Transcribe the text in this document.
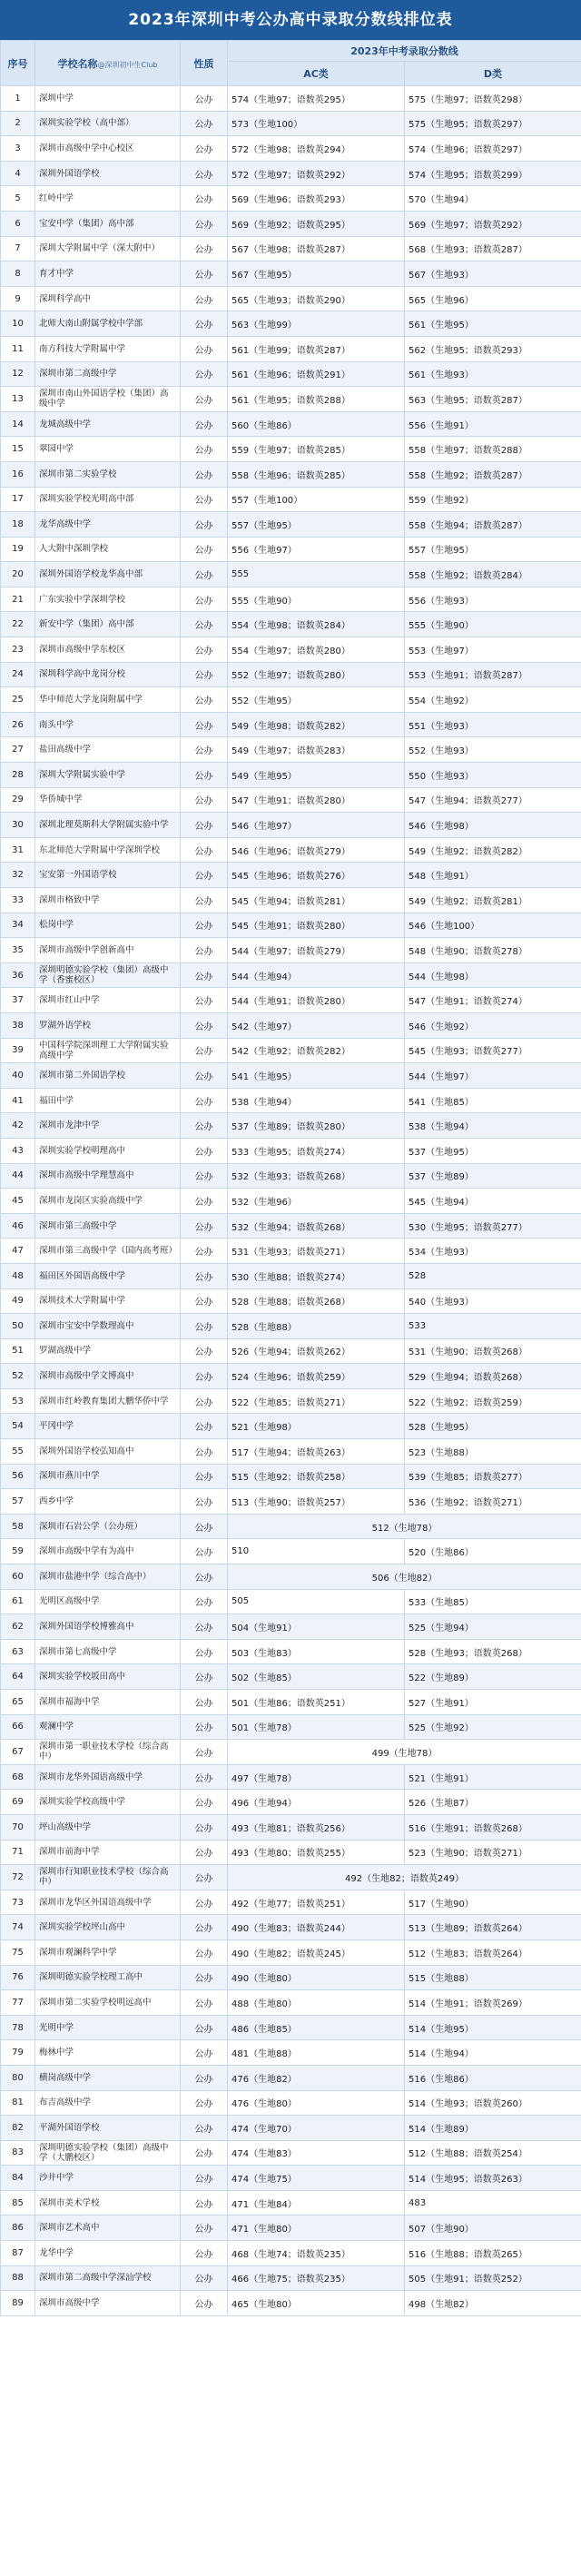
2023年深圳中考公办高中录取分数线排位表
序号	学校名称@深圳初中生Club	性质	2023年中考录取分数线	
			AC类	D类
1	深圳中学	公办	574（生地97；语数英295）	575（生地97；语数英298）
2	深圳实验学校（高中部）	公办	573（生地100）	575（生地95；语数英297）
3	深圳市高级中学中心校区	公办	572（生地98；语数英294）	574（生地96；语数英297）
4	深圳外国语学校	公办	572（生地97；语数英292）	574（生地95；语数英299）
5	红岭中学	公办	569（生地96；语数英293）	570（生地94）
6	宝安中学（集团）高中部	公办	569（生地92；语数英295）	569（生地97；语数英292）
7	深圳大学附属中学（深大附中）	公办	567（生地98；语数英287）	568（生地93；语数英287）
8	育才中学	公办	567（生地95）	567（生地93）
9	深圳科学高中	公办	565（生地93；语数英290）	565（生地96）
10	北师大南山附属学校中学部	公办	563（生地99）	561（生地95）
11	南方科技大学附属中学	公办	561（生地99；语数英287）	562（生地95；语数英293）
12	深圳市第二高级中学	公办	561（生地96；语数英291）	561（生地93）
13	深圳市南山外国语学校（集团）高级中学	公办	561（生地95；语数英288）	563（生地95；语数英287）
14	龙城高级中学	公办	560（生地86）	556（生地91）
15	翠园中学	公办	559（生地97；语数英285）	558（生地97；语数英288）
16	深圳市第二实验学校	公办	558（生地96；语数英285）	558（生地92；语数英287）
17	深圳实验学校光明高中部	公办	557（生地100）	559（生地92）
18	龙华高级中学	公办	557（生地95）	558（生地94；语数英287）
19	人大附中深圳学校	公办	556（生地97）	557（生地95）
20	深圳外国语学校龙华高中部	公办	555	558（生地92；语数英284）
21	广东实验中学深圳学校	公办	555（生地90）	556（生地93）
22	新安中学（集团）高中部	公办	554（生地98；语数英284）	555（生地90）
23	深圳市高级中学东校区	公办	554（生地97；语数英280）	553（生地97）
24	深圳科学高中龙岗分校	公办	552（生地97；语数英280）	553（生地91；语数英287）
25	华中师范大学龙岗附属中学	公办	552（生地95）	554（生地92）
26	南头中学	公办	549（生地98；语数英282）	551（生地93）
27	盐田高级中学	公办	549（生地97；语数英283）	552（生地93）
28	深圳大学附属实验中学	公办	549（生地95）	550（生地93）
29	华侨城中学	公办	547（生地91；语数英280）	547（生地94；语数英277）
30	深圳北理莫斯科大学附属实验中学	公办	546（生地97）	546（生地98）
31	东北师范大学附属中学深圳学校	公办	546（生地96；语数英279）	549（生地92；语数英282）
32	宝安第一外国语学校	公办	545（生地96；语数英276）	548（生地91）
33	深圳市格致中学	公办	545（生地94；语数英281）	549（生地92；语数英281）
34	松岗中学	公办	545（生地91；语数英280）	546（生地100）
35	深圳市高级中学创新高中	公办	544（生地97；语数英279）	548（生地90；语数英278）
36	深圳明德实验学校（集团）高级中学（香蜜校区）	公办	544（生地94）	544（生地98）
37	深圳市红山中学	公办	544（生地91；语数英280）	547（生地91；语数英274）
38	罗湖外语学校	公办	542（生地97）	546（生地92）
39	中国科学院深圳理工大学附属实验高级中学	公办	542（生地92；语数英282）	545（生地93；语数英277）
40	深圳市第二外国语学校	公办	541（生地95）	544（生地97）
41	福田中学	公办	538（生地94）	541（生地85）
42	深圳市龙津中学	公办	537（生地89；语数英280）	538（生地94）
43	深圳实验学校明理高中	公办	533（生地95；语数英274）	537（生地95）
44	深圳市高级中学理慧高中	公办	532（生地93；语数英268）	537（生地89）
45	深圳市龙岗区实验高级中学	公办	532（生地96）	545（生地94）
46	深圳市第三高级中学	公办	532（生地94；语数英268）	530（生地95；语数英277）
47	深圳市第三高级中学（国内高考班）	公办	531（生地93；语数英271）	534（生地93）
48	福田区外国语高级中学	公办	530（生地88；语数英274）	528
49	深圳技术大学附属中学	公办	528（生地88；语数英268）	540（生地93）
50	深圳市宝安中学数理高中	公办	528（生地88）	533
51	罗湖高级中学	公办	526（生地94；语数英262）	531（生地90；语数英268）
52	深圳市高级中学文博高中	公办	524（生地96；语数英259）	529（生地94；语数英268）
53	深圳市红岭教育集团大鹏华侨中学	公办	522（生地85；语数英271）	522（生地92；语数英259）
54	平冈中学	公办	521（生地98）	528（生地95）
55	深圳外国语学校弘知高中	公办	517（生地94；语数英263）	523（生地88）
56	深圳市燕川中学	公办	515（生地92；语数英258）	539（生地85；语数英277）
57	西乡中学	公办	513（生地90；语数英257）	536（生地92；语数英271）
58	深圳市石岩公学（公办班）	公办	512（生地78）	
59	深圳市高级中学有为高中	公办	510	520（生地86）
60	深圳市盐港中学（综合高中）	公办	506（生地82）	
61	光明区高级中学	公办	505	533（生地85）
62	深圳外国语学校博雅高中	公办	504（生地91）	525（生地94）
63	深圳市第七高级中学	公办	503（生地83）	528（生地93；语数英268）
64	深圳实验学校坂田高中	公办	502（生地85）	522（生地89）
65	深圳市福海中学	公办	501（生地86；语数英251）	527（生地91）
66	观澜中学	公办	501（生地78）	525（生地92）
67	深圳市第一职业技术学校（综合高中）	公办	499（生地78）	
68	深圳市龙华外国语高级中学	公办	497（生地78）	521（生地91）
69	深圳实验学校高级中学	公办	496（生地94）	526（生地87）
70	坪山高级中学	公办	493（生地81；语数英256）	516（生地91；语数英268）
71	深圳市前海中学	公办	493（生地80；语数英255）	523（生地90；语数英271）
72	深圳市行知职业技术学校（综合高中）	公办	492（生地82；语数英249）	
73	深圳市龙华区外国语高级中学	公办	492（生地77；语数英251）	517（生地90）
74	深圳实验学校坪山高中	公办	490（生地83；语数英244）	513（生地89；语数英264）
75	深圳市观澜科学中学	公办	490（生地82；语数英245）	512（生地83；语数英264）
76	深圳明德实验学校理工高中	公办	490（生地80）	515（生地88）
77	深圳市第二实验学校明远高中	公办	488（生地80）	514（生地91；语数英269）
78	光明中学	公办	486（生地85）	514（生地95）
79	梅林中学	公办	481（生地88）	514（生地94）
80	横岗高级中学	公办	476（生地82）	516（生地86）
81	布吉高级中学	公办	476（生地80）	514（生地93；语数英260）
82	平湖外国语学校	公办	474（生地70）	514（生地89）
83	深圳明德实验学校（集团）高级中学（大鹏校区）	公办	474（生地83）	512（生地88；语数英254）
84	沙井中学	公办	474（生地75）	514（生地95；语数英263）
85	深圳市美术学校	公办	471（生地84）	483
86	深圳市艺术高中	公办	471（生地80）	507（生地90）
87	龙华中学	公办	468（生地74；语数英235）	516（生地88；语数英265）
88	深圳市第二高级中学深汕学校	公办	466（生地75；语数英235）	505（生地91；语数英252）
89	深圳市高级中学	公办	465（生地80）	498（生地82）
